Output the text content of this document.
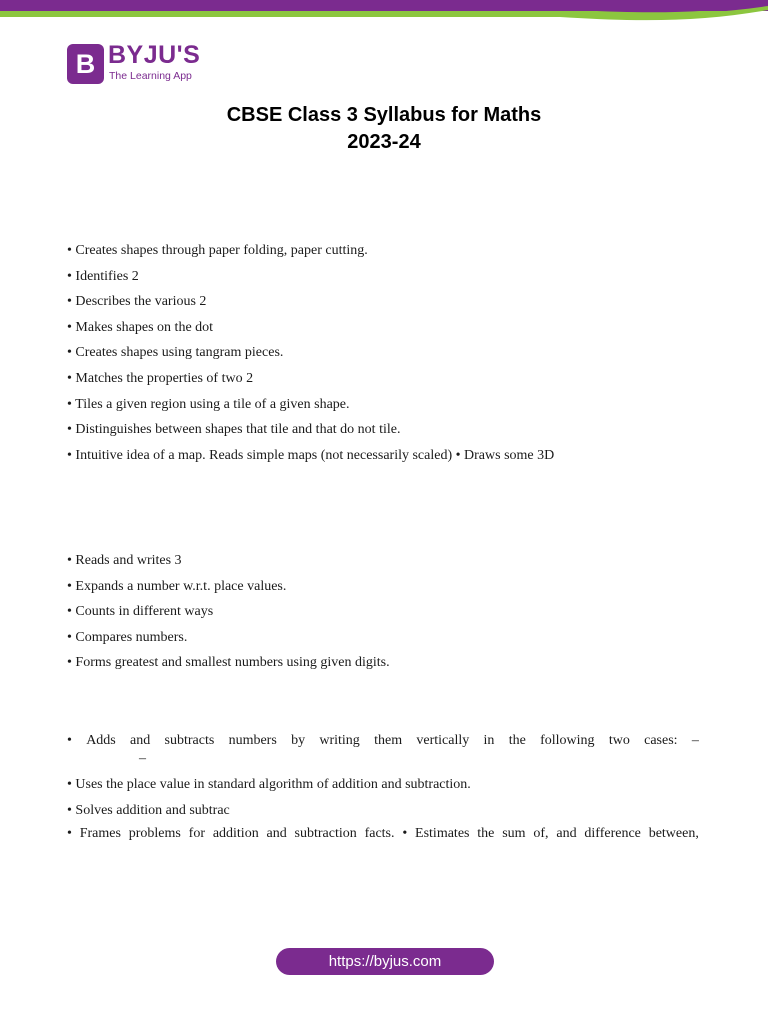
B BYJU'S
The Learning App
CBSE Class 3 Syllabus for Maths
2023-24
• Creates shapes through paper folding, paper cutting.
• Identifies 2
• Describes the various 2
• Makes shapes on the dot
• Creates shapes using tangram pieces.
• Matches the properties of two 2
• Tiles a given region using a tile of a given shape.
• Distinguishes between shapes that tile and that do not tile.
• Intuitive idea of a map. Reads simple maps (not necessarily scaled) • Draws some 3D
• Reads and writes 3
• Expands a number w.r.t. place values.
• Counts in different ways
• Compares numbers.
• Forms greatest and smallest numbers using given digits.
• Adds and subtracts numbers by writing them vertically in the following two cases: –
–
• Uses the place value in standard algorithm of addition and subtraction.
• Solves addition and subtrac
• Frames problems for addition and subtraction facts. • Estimates the sum of, and difference between,
https://byjus.com
